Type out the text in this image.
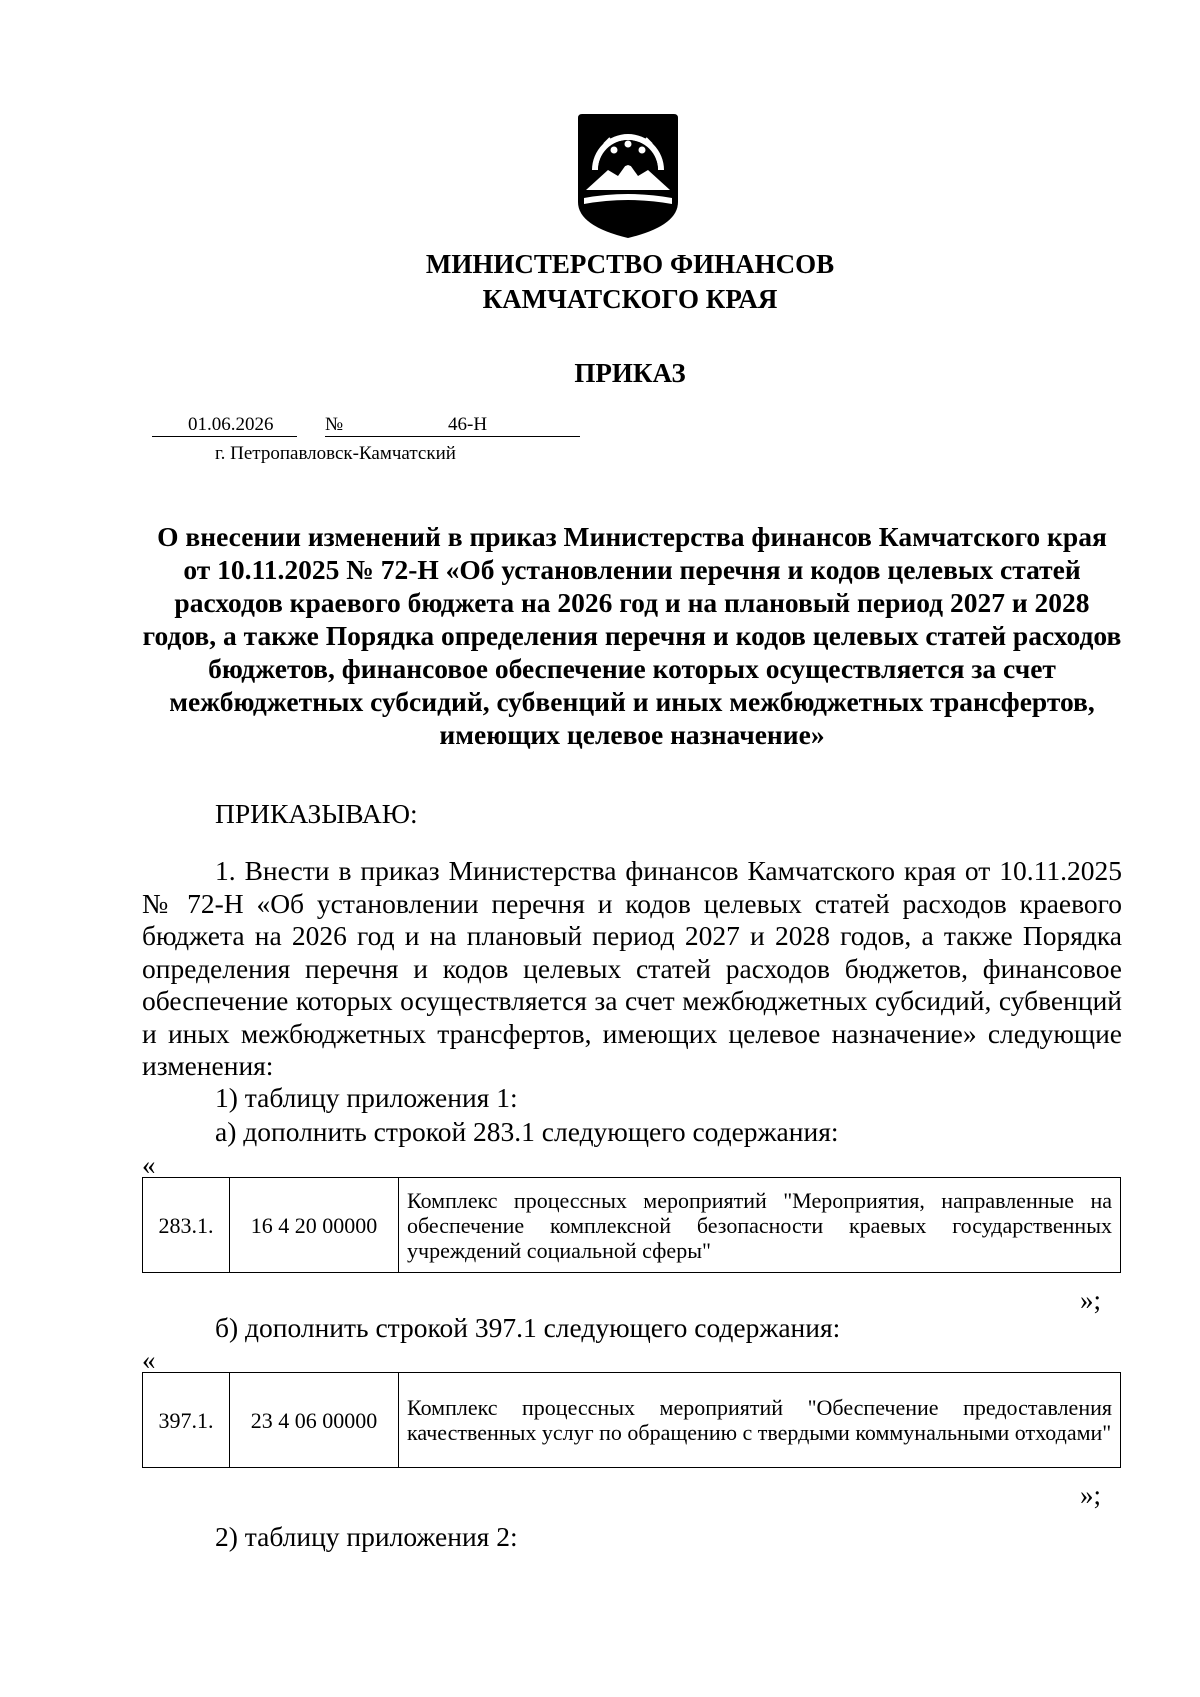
МИНИСТЕРСТВО ФИНАНСОВ
КАМЧАТСКОГО КРАЯ
ПРИКАЗ
01.06.2026	№	46-Н
г. Петропавловск-Камчатский
О внесении изменений в приказ Министерства финансов Камчатского края от 10.11.2025 № 72-Н «Об установлении перечня и кодов целевых статей расходов краевого бюджета на 2026 год и на плановый период 2027 и 2028 годов, а также Порядка определения перечня и кодов целевых статей расходов бюджетов, финансовое обеспечение которых осуществляется за счет межбюджетных субсидий, субвенций и иных межбюджетных трансфертов, имеющих целевое назначение»
ПРИКАЗЫВАЮ:
1. Внести в приказ Министерства финансов Камчатского края от 10.11.2025 № 72-Н «Об установлении перечня и кодов целевых статей расходов краевого бюджета на 2026 год и на плановый период 2027 и 2028 годов, а также Порядка определения перечня и кодов целевых статей расходов бюджетов, финансовое обеспечение которых осуществляется за счет межбюджетных субсидий, субвенций и иных межбюджетных трансфертов, имеющих целевое назначение» следующие изменения:
1) таблицу приложения 1:
а) дополнить строкой 283.1 следующего содержания:
«
283.1.	16 4 20 00000	Комплекс процессных мероприятий "Мероприятия, направленные на обеспечение комплексной безопасности краевых государственных учреждений социальной сферы"
»;
б) дополнить строкой 397.1 следующего содержания:
«
397.1.	23 4 06 00000	Комплекс процессных мероприятий "Обеспечение предоставления качественных услуг по обращению с твердыми коммунальными отходами"
»;
2) таблицу приложения 2:
